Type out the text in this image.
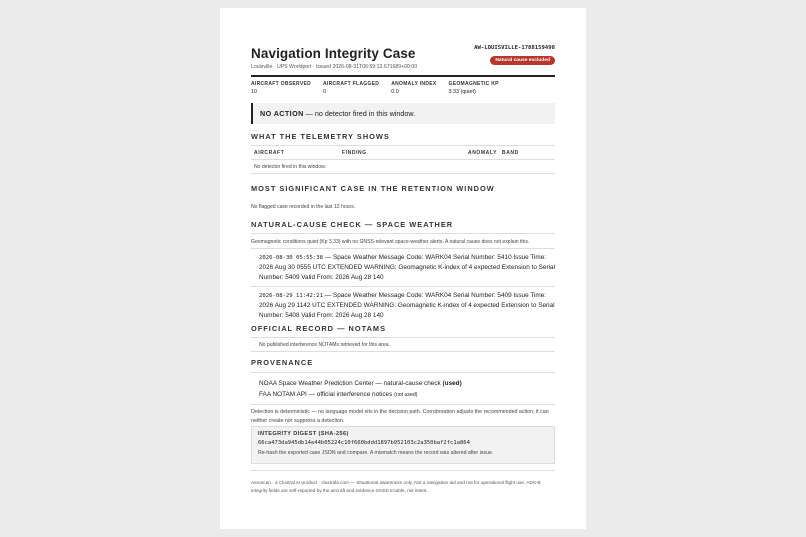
Navigation Integrity Case
Louisville · UPS Worldport · issued 2026-08-31T06:59:13.671689+00:00
AW-LOUISVILLE-1788159498
Natural cause excluded
AIRCRAFT OBSERVED
10
AIRCRAFT FLAGGED
0
ANOMALY INDEX
0.0
GEOMAGNETIC KP
3.33 (quiet)
NO ACTION — no detector fired in this window.
WHAT THE TELEMETRY SHOWS
AIRCRAFT	FINDING	ANOMALY BAND
No detector fired in this window.
MOST SIGNIFICANT CASE IN THE RETENTION WINDOW
No flagged case recorded in the last 12 hours.
NATURAL-CAUSE CHECK — SPACE WEATHER
Geomagnetic conditions quiet (Kp 3.33) with no GNSS-relevant space-weather alerts. A natural cause does not explain this.
2026-08-30 05:55:38 — Space Weather Message Code: WARK04 Serial Number: 5410 Issue Time: 2026 Aug 30 0555 UTC EXTENDED WARNING: Geomagnetic K-index of 4 expected Extension to Serial Number: 5409 Valid From: 2026 Aug 28 140
2026-08-29 11:42:21 — Space Weather Message Code: WARK04 Serial Number: 5409 Issue Time: 2026 Aug 29 1142 UTC EXTENDED WARNING: Geomagnetic K-index of 4 expected Extension to Serial Number: 5408 Valid From: 2026 Aug 28 140
OFFICIAL RECORD — NOTAMS
No published interference NOTAMs retrieved for this area.
PROVENANCE
NOAA Space Weather Prediction Center — natural-cause check (used)
FAA NOTAM API — official interference notices (not used)
Detection is deterministic — no language model sits in the decision path. Corroboration adjusts the recommended action; it can neither create nor suppress a detection.
INTEGRITY DIGEST (SHA-256)
66ca473da945db14e44b05224c10f660bddd1897b952103c2a350baf2fc1a864
Re-hash the exported case JSON and compare. A mismatch means the record was altered after issue.
Aeroscan · a Clustral AI product · clustrala.com — Situational awareness only. Not a navigation aid and not for operational flight use. ADS-B integrity fields are self-reported by the aircraft and evidence GNSS trouble, not intent.
